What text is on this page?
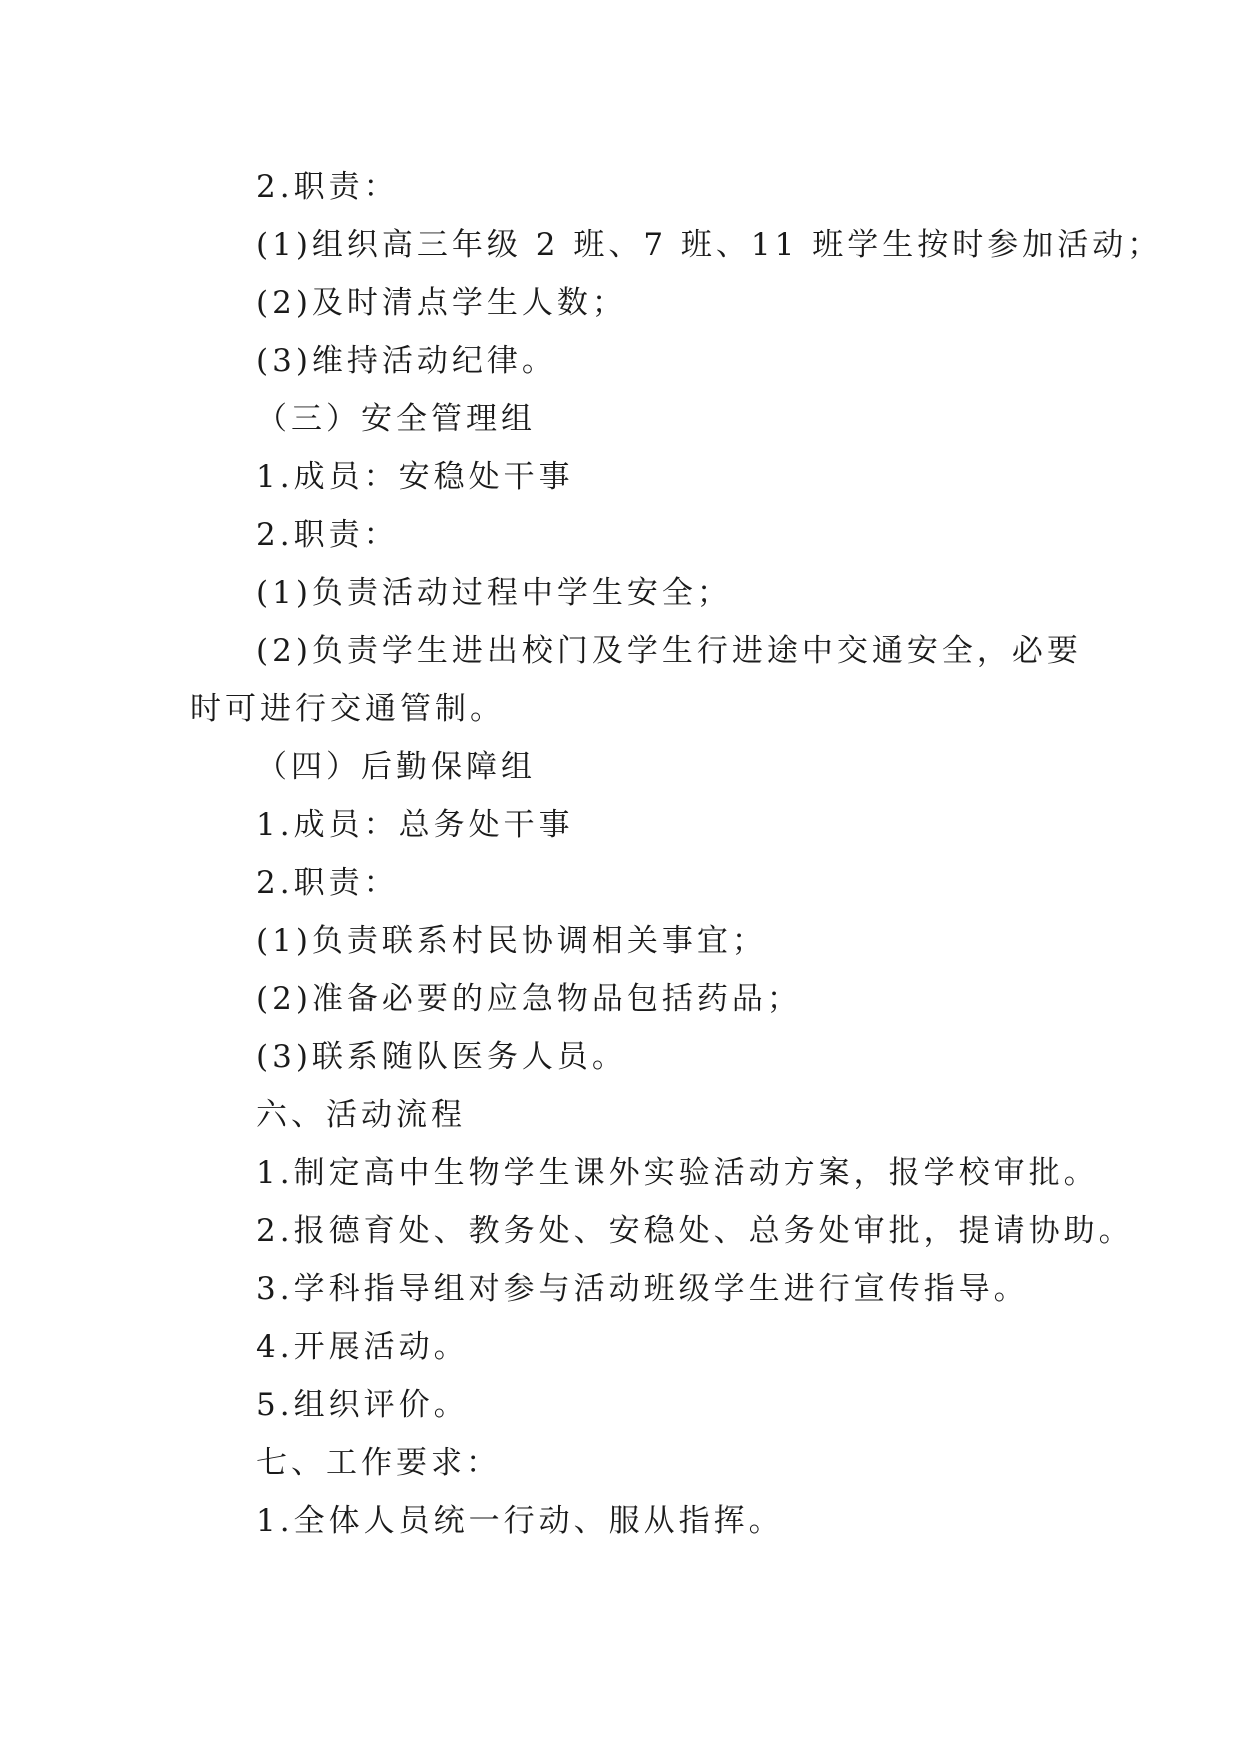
2.职责：

(1)组织高三年级 2 班、7 班、11 班学生按时参加活动；

(2)及时清点学生人数；

(3)维持活动纪律。

（三）安全管理组

1.成员：安稳处干事

2.职责：

(1)负责活动过程中学生安全；

(2)负责学生进出校门及学生行进途中交通安全，必要

时可进行交通管制。

（四）后勤保障组

1.成员：总务处干事

2.职责：

(1)负责联系村民协调相关事宜；

(2)准备必要的应急物品包括药品；

(3)联系随队医务人员。

六、活动流程

1.制定高中生物学生课外实验活动方案，报学校审批。

2.报德育处、教务处、安稳处、总务处审批，提请协助。

3.学科指导组对参与活动班级学生进行宣传指导。

4.开展活动。

5.组织评价。

七、工作要求：

1.全体人员统一行动、服从指挥。
